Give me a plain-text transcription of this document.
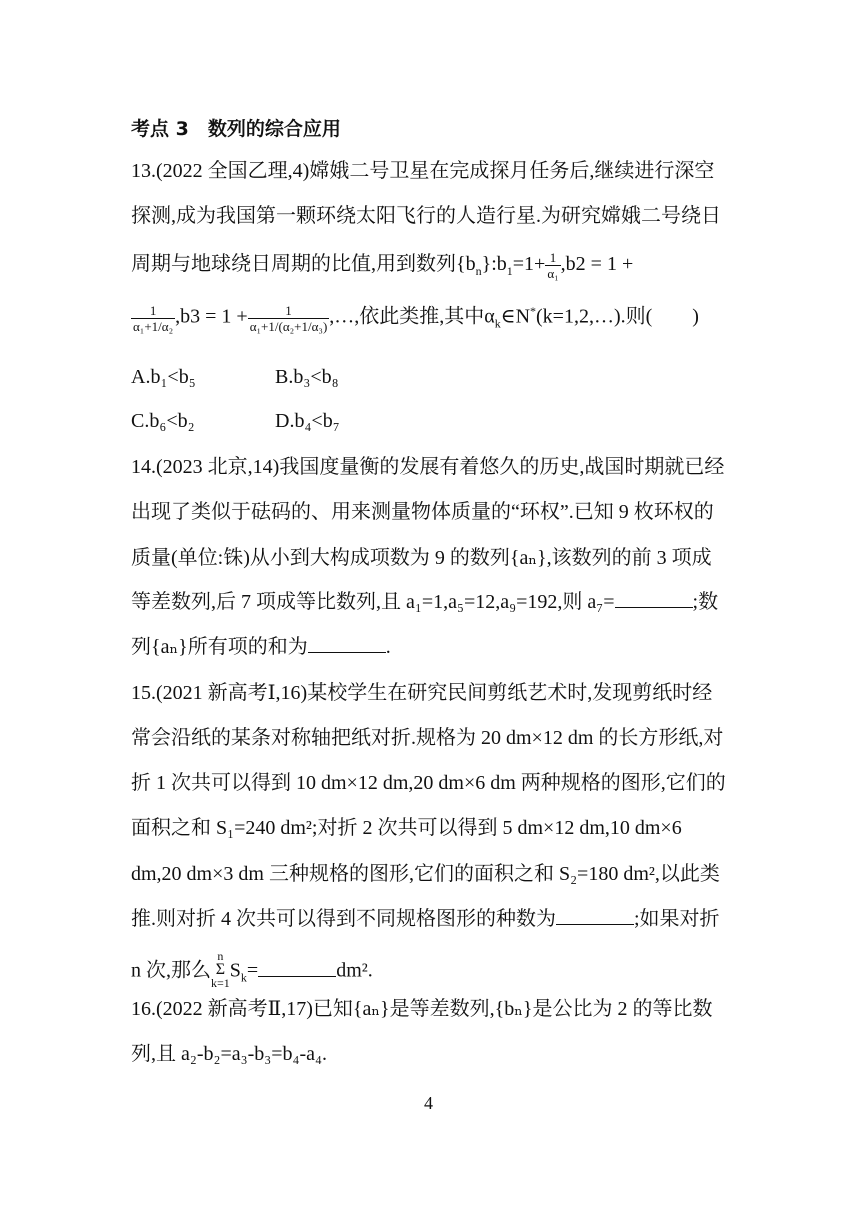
考点 3　数列的综合应用
13.(2022 全国乙理,4)嫦娥二号卫星在完成探月任务后,继续进行深空
探测,成为我国第一颗环绕太阳飞行的人造行星.为研究嫦娥二号绕日
周期与地球绕日周期的比值,用到数列$\{b_n\}:b_1=1+ \frac{1}{\text{α₁}} ,b2 = 1$ +
$\frac{1}{\text{α₁+1/α₂}} ,b3 = 1 + \frac{1}{\text{α₁+1/(α₂+1/α₃)}}$ ,…,依此类推,其中$\alpha_k\in N^*(k=1,2,\dots)$.则(　　)
A.b₁<b₅	B.b₃<b₈
C.b₆<b₂	D.b₄<b₇
14.(2023 北京,14)我国度量衡的发展有着悠久的历史,战国时期就已经
出现了类似于砝码的、用来测量物体质量的“环权”.已知 9 枚环权的
质量(单位:铢)从小到大构成项数为 9 的数列{aₙ},该数列的前 3 项成
等差数列,后 7 项成等比数列,且 a₁=1,a₅=12,a₉=192,则 a₇=	;数
列{aₙ}所有项的和为	.
15.(2021 新高考Ⅰ,16)某校学生在研究民间剪纸艺术时,发现剪纸时经
常会沿纸的某条对称轴把纸对折.规格为 20 dm×12 dm 的长方形纸,对
折 1 次共可以得到 10 dm×12 dm,20 dm×6 dm 两种规格的图形,它们的
面积之和 S₁=240 dm²;对折 2 次共可以得到 5 dm×12 dm,10 dm×6
dm,20 dm×3 dm 三种规格的图形,它们的面积之和 S₂=180 dm²,以此类
推.则对折 4 次共可以得到不同规格图形的种数为	;如果对折
n 次,那么n
Σ
$k=1S_k=$	dm².
16.(2022 新高考Ⅱ,17)已知{aₙ}是等差数列,{bₙ}是公比为 2 的等比数
列,且 a₂-b₂=a₃-b₃=b₄-a₄.
4
